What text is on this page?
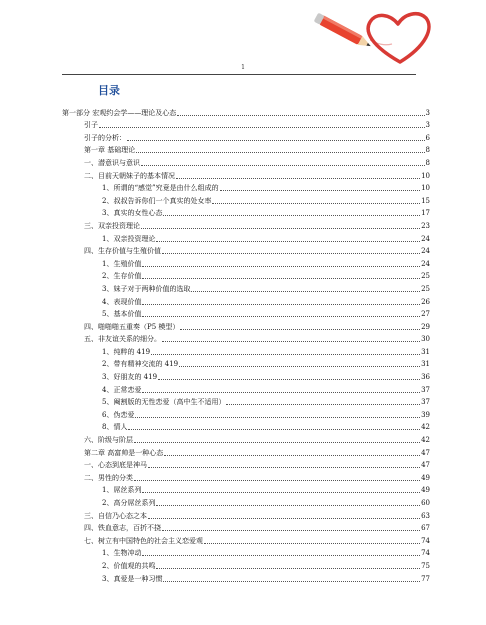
1
目录
第一部分 宏观约会学——理论及心态	3
引子	3
引子的分析：	6
第一章 基础理论	8
一、潜意识与意识	8
二、目前天朝妹子的基本情况	10
1、所谓的“感觉”究竟是由什么组成的	10
2、叔叔告诉你们一个真实的处女率	15
3、真实的女性心态	17
三、双亲投资理论	23
1、双亲投资理论	24
四、生存价值与生殖价值	24
1、生殖价值	24
2、生存价值	25
3、妹子对于两种价值的选取	25
4、表现价值	26
5、基本价值	27
四、啪啪啪五重奏（P5 模型）	29
五、非友谊关系的细分。	30
1、纯粹的 419	31
2、带有精神交流的 419	31
3、好朋友的 419	36
4、正常恋爱	37
5、阉割版的无性恋爱（高中生不适用）	37
6、伪恋爱	39
8、情人	42
六、阶级与阶层	42
第二章 高富帅是一种心态	47
一、心态到底是神马	47
二、男性的分类	49
1、屌丝系列	49
2、高分屌丝系列	60
三、自信乃心态之本	63
四、铁血意志，百折不挠	67
七、树立有中国特色的社会主义恋爱观	74
1、生物冲动	74
2、价值观的共鸣	75
3、真爱是一种习惯	77
